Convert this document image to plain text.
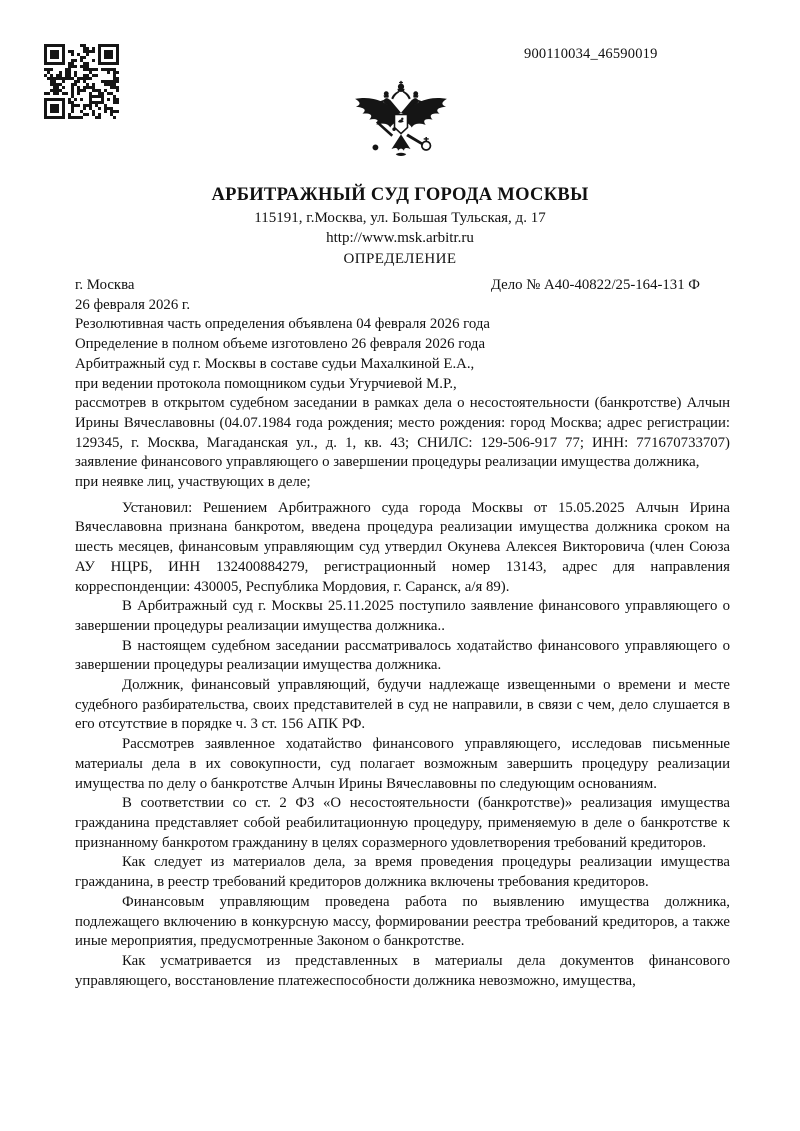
900110034_46590019
АРБИТРАЖНЫЙ СУД ГОРОДА МОСКВЫ
115191, г.Москва, ул. Большая Тульская, д. 17
http://www.msk.arbitr.ru
ОПРЕДЕЛЕНИЕ
г. Москва	Дело № А40-40822/25-164-131 Ф
26 февраля 2026 г.

Резолютивная часть определения объявлена 04 февраля 2026 года

Определение в полном объеме изготовлено 26 февраля 2026 года

Арбитражный суд г. Москвы в составе судьи Махалкиной Е.А.,

при ведении протокола помощником судьи Угурчиевой М.Р.,

рассмотрев в открытом судебном заседании в рамках дела о несостоятельности (банкротстве) Алчын Ирины Вячеславовны (04.07.1984 года рождения; место рождения: город Москва; адрес регистрации: 129345, г. Москва, Магаданская ул., д. 1, кв. 43; СНИЛС: 129-506-917 77; ИНН: 771670733707) заявление финансового управляющего о завершении процедуры реализации имущества должника,

при неявке лиц, участвующих в деле;

Установил: Решением Арбитражного суда города Москвы от 15.05.2025 Алчын Ирина Вячеславовна признана банкротом, введена процедура реализации имущества должника сроком на шесть месяцев, финансовым управляющим суд утвердил Окунева Алексея Викторовича (член Союза АУ НЦРБ, ИНН 132400884279, регистрационный номер 13143, адрес для направления корреспонденции: 430005, Республика Мордовия, г. Саранск, а/я 89).

В Арбитражный суд г. Москвы 25.11.2025 поступило заявление финансового управляющего о завершении процедуры реализации имущества должника..

В настоящем судебном заседании рассматривалось ходатайство финансового управляющего о завершении процедуры реализации имущества должника.

Должник, финансовый управляющий, будучи надлежаще извещенными о времени и месте судебного разбирательства, своих представителей в суд не направили, в связи с чем, дело слушается в его отсутствие в порядке ч. 3 ст. 156 АПК РФ.

Рассмотрев заявленное ходатайство финансового управляющего, исследовав письменные материалы дела в их совокупности, суд полагает возможным завершить процедуру реализации имущества по делу о банкротстве Алчын Ирины Вячеславовны по следующим основаниям.

В соответствии со ст. 2 ФЗ «О несостоятельности (банкротстве)» реализация имущества гражданина представляет собой реабилитационную процедуру, применяемую в деле о банкротстве к признанному банкротом гражданину в целях соразмерного удовлетворения требований кредиторов.

Как следует из материалов дела, за время проведения процедуры реализации имущества гражданина, в реестр требований кредиторов должника включены требования кредиторов.

Финансовым управляющим проведена работа по выявлению имущества должника, подлежащего включению в конкурсную массу, формировании реестра требований кредиторов, а также иные мероприятия, предусмотренные Законом о банкротстве.

Как усматривается из представленных в материалы дела документов финансового управляющего, восстановление платежеспособности должника невозможно, имущества,
